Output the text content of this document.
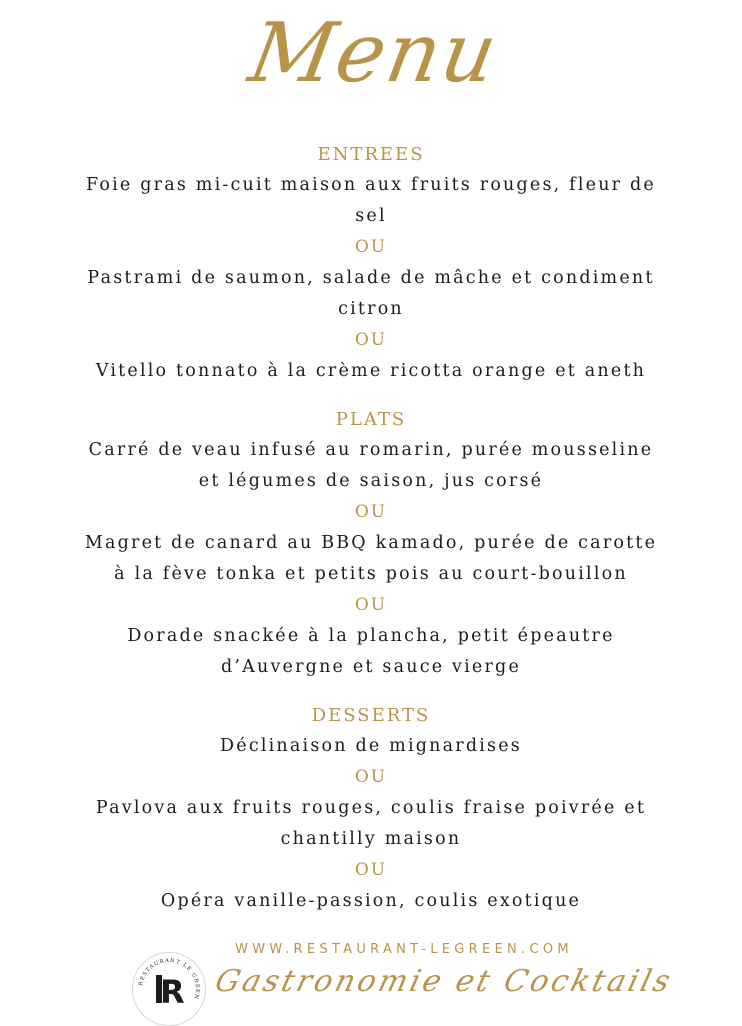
Menu
ENTREES
Foie gras mi-cuit maison aux fruits rouges, fleur de
sel
OU
Pastrami de saumon, salade de mâche et condiment
citron
OU
Vitello tonnato à la crème ricotta orange et aneth
PLATS
Carré de veau infusé au romarin, purée mousseline
et légumes de saison, jus corsé
OU
Magret de canard au BBQ kamado, purée de carotte
à la fève tonka et petits pois au court-bouillon
OU
Dorade snackée à la plancha, petit épeautre
d’Auvergne et sauce vierge
DESSERTS
Déclinaison de mignardises
OU
Pavlova aux fruits rouges, coulis fraise poivrée et
chantilly maison
OU
Opéra vanille-passion, coulis exotique
RESTAURANT LE GREEN
R
WWW.RESTAURANT-LEGREEN.COM
Gastronomie et Cocktails
